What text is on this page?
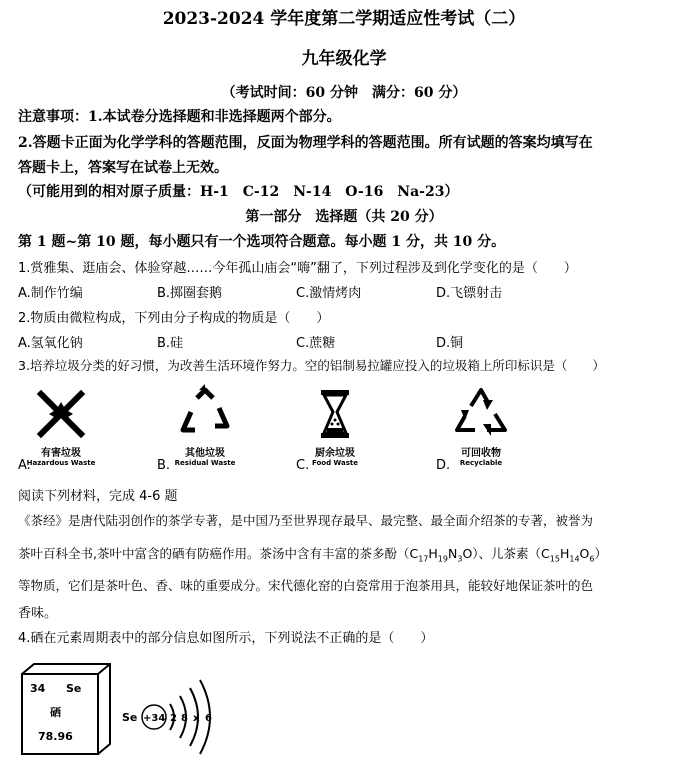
2023-2024 学年度第二学期适应性考试（二）
九年级化学
（考试时间：60 分钟　满分：60 分）
注意事项：1.本试卷分选择题和非选择题两个部分。
2.答题卡正面为化学学科的答题范围，反面为物理学科的答题范围。所有试题的答案均填写在
答题卡上，答案写在试卷上无效。
（可能用到的相对原子质量：H-1　C-12　N-14　O-16　Na-23）
第一部分　选择题（共 20 分）
第 1 题~第 10 题，每小题只有一个选项符合题意。每小题 1 分，共 10 分。
1.赏雅集、逛庙会、体验穿越……今年孤山庙会“嗨”翻了，下列过程涉及到化学变化的是（　　）
A.制作竹编	B.掷圈套鹅	C.激情烤肉	D.飞镖射击
2.物质由微粒构成，下列由分子构成的物质是（　　）
A.氢氧化钠	B.硅	C.蔗糖	D.铜
3.培养垃圾分类的好习惯，为改善生活环境作努力。空的铝制易拉罐应投入的垃圾箱上所印标识是（　　）
有害垃圾
Hazardous Waste
A.
其他垃圾
Residual Waste
B.
厨余垃圾
Food Waste
C.
可回收物
Recyclable
D.
阅读下列材料，完成 4-6 题
《茶经》是唐代陆羽创作的茶学专著，是中国乃至世界现存最早、最完整、最全面介绍茶的专著，被誉为
茶叶百科全书,茶叶中富含的硒有防癌作用。茶汤中含有丰富的茶多酚$(C_{17}H_{19}N_3O)$、儿茶素$(C_{15}H_{14}O_6)$
等物质，它们是茶叶色、香、味的重要成分。宋代德化窑的白瓷常用于泡茶用具，能较好地保证茶叶的色
香味。
4.硒在元素周期表中的部分信息如图所示，下列说法不正确的是（　　）
34 Se
硒
78.96
Se +34 2 8 x 6
